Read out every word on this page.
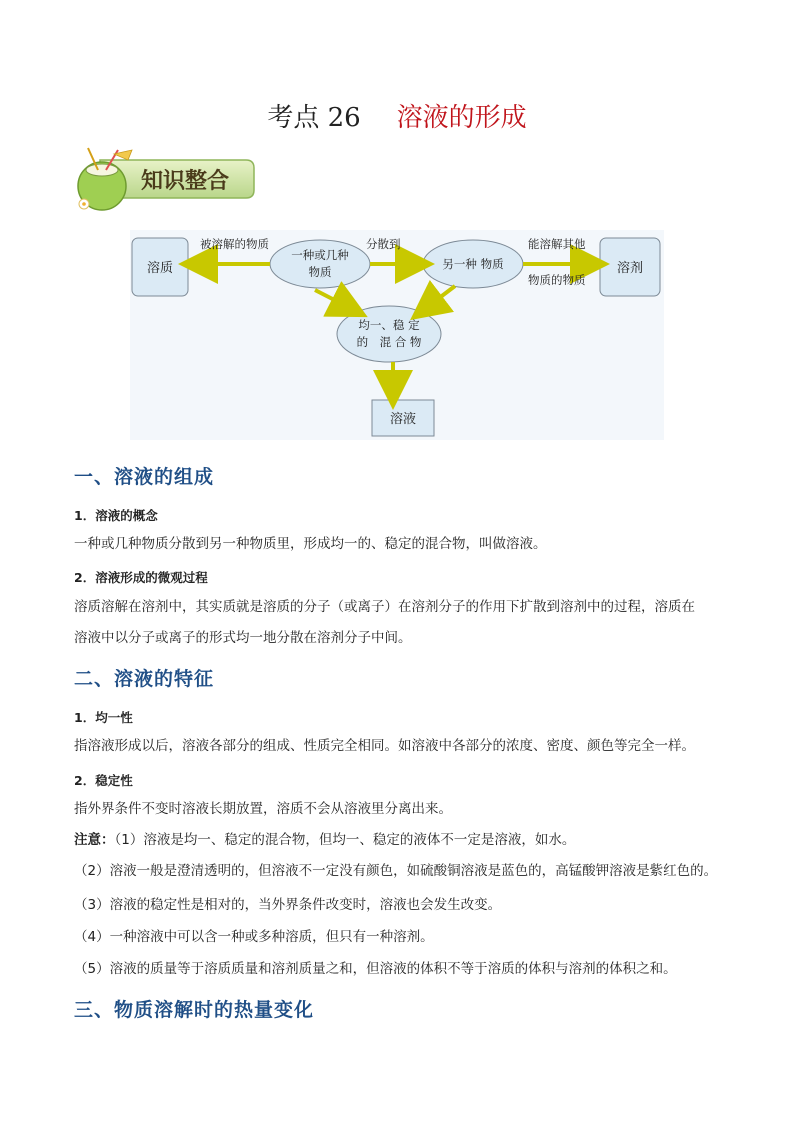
考点 26 溶液的形成
知识整合
溶质	溶剂
溶液
一种或几种
物质
另一种 物质
均一、稳 定
的　混 合 物
被溶解的物质	分散到	能溶解其他
物质的物质
一、溶液的组成
1．溶液的概念
一种或几种物质分散到另一种物质里，形成均一的、稳定的混合物，叫做溶液。
2．溶液形成的微观过程
溶质溶解在溶剂中，其实质就是溶质的分子（或离子）在溶剂分子的作用下扩散到溶剂中的过程，溶质在
溶液中以分子或离子的形式均一地分散在溶剂分子中间。
二、溶液的特征
1．均一性
指溶液形成以后，溶液各部分的组成、性质完全相同。如溶液中各部分的浓度、密度、颜色等完全一样。
2．稳定性
指外界条件不变时溶液长期放置，溶质不会从溶液里分离出来。
注意：（1）溶液是均一、稳定的混合物，但均一、稳定的液体不一定是溶液，如水。
（2）溶液一般是澄清透明的，但溶液不一定没有颜色，如硫酸铜溶液是蓝色的，高锰酸钾溶液是紫红色的。
（3）溶液的稳定性是相对的，当外界条件改变时，溶液也会发生改变。
（4）一种溶液中可以含一种或多种溶质，但只有一种溶剂。
（5）溶液的质量等于溶质质量和溶剂质量之和，但溶液的体积不等于溶质的体积与溶剂的体积之和。
三、物质溶解时的热量变化
